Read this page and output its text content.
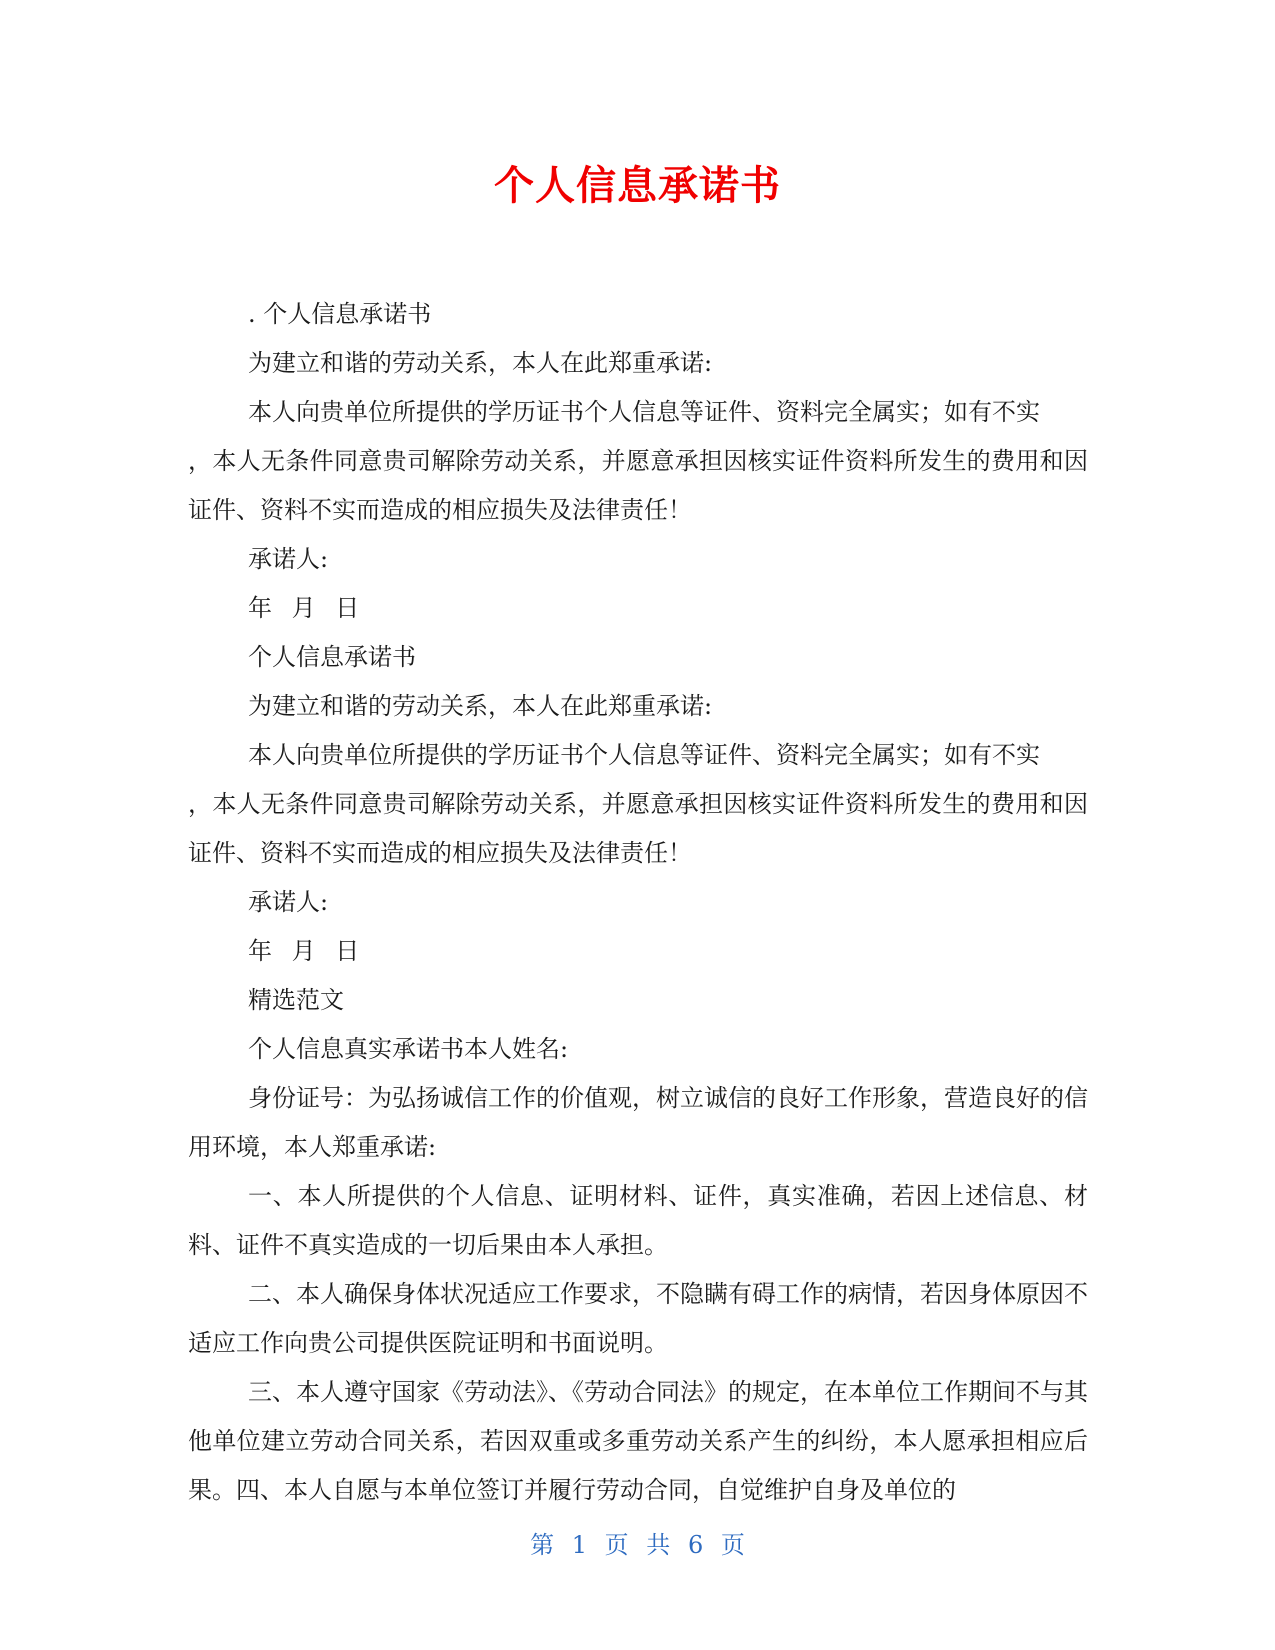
个人信息承诺书

. 个人信息承诺书

为建立和谐的劳动关系，本人在此郑重承诺:

本人向贵单位所提供的学历证书个人信息等证件、资料完全属实；如有不实

，本人无条件同意贵司解除劳动关系，并愿意承担因核实证件资料所发生的费用和因证件、资料不实而造成的相应损失及法律责任！

承诺人:

年 月 日

个人信息承诺书

为建立和谐的劳动关系，本人在此郑重承诺:

本人向贵单位所提供的学历证书个人信息等证件、资料完全属实；如有不实

，本人无条件同意贵司解除劳动关系，并愿意承担因核实证件资料所发生的费用和因证件、资料不实而造成的相应损失及法律责任！

承诺人:

年 月 日

精选范文

个人信息真实承诺书本人姓名:

身份证号：为弘扬诚信工作的价值观，树立诚信的良好工作形象，营造良好的信用环境，本人郑重承诺:

一、本人所提供的个人信息、证明材料、证件，真实准确，若因上述信息、材料、证件不真实造成的一切后果由本人承担。

二、本人确保身体状况适应工作要求，不隐瞒有碍工作的病情，若因身体原因不适应工作向贵公司提供医院证明和书面说明。

三、本人遵守国家《劳动法》、《劳动合同法》的规定，在本单位工作期间不与其他单位建立劳动合同关系，若因双重或多重劳动关系产生的纠纷，本人愿承担相应后果。四、本人自愿与本单位签订并履行劳动合同，自觉维护自身及单位的

第 1 页 共 6 页
